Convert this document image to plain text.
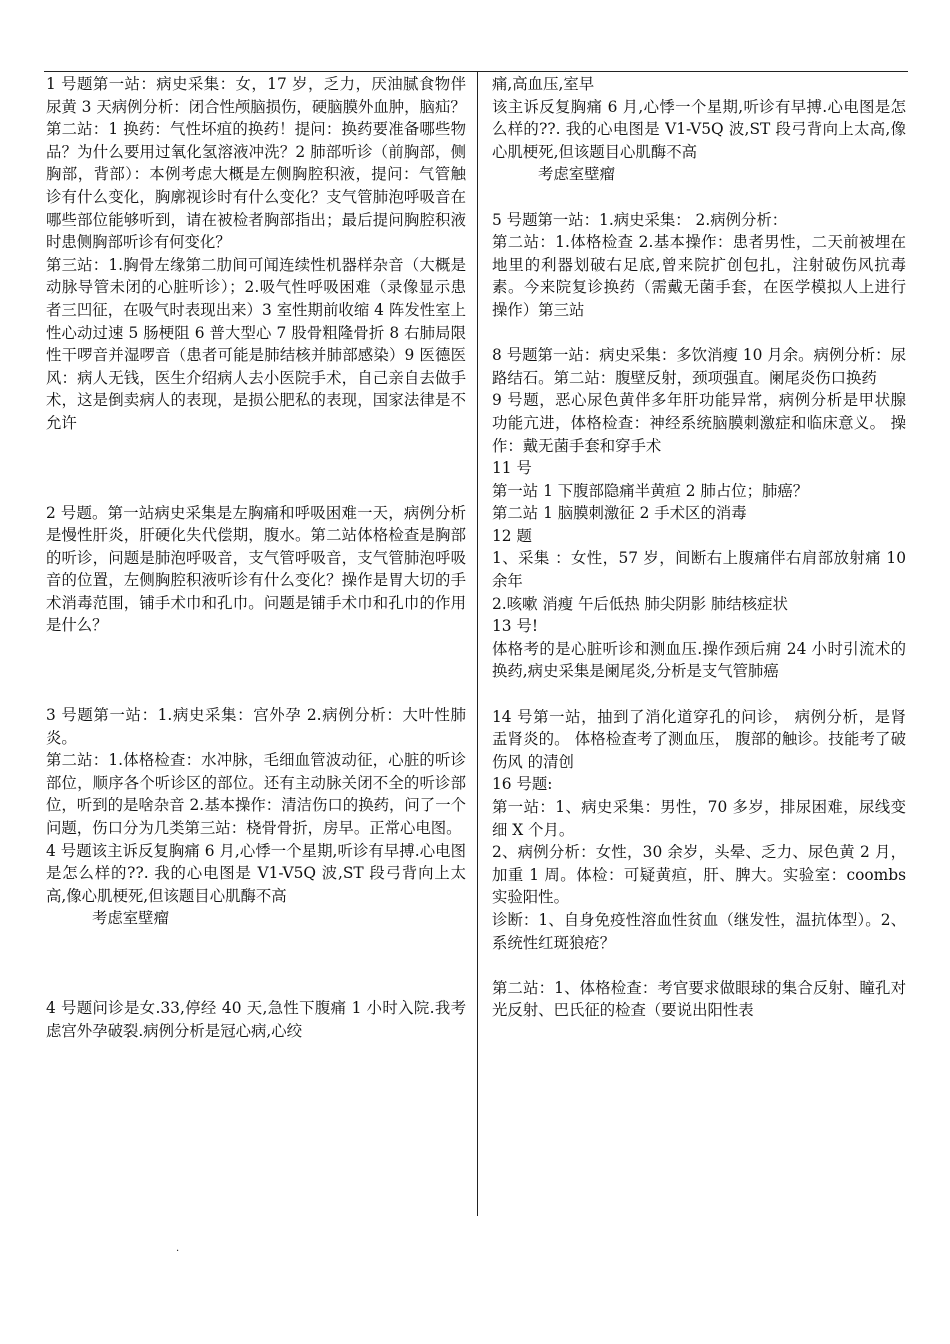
1 号题第一站：病史采集：女，17 岁，乏力，厌油腻食物伴尿黄 3 天病例分析：闭合性颅脑损伤，硬脑膜外血肿，脑疝？

第二站：1 换药：气性坏疽的换药！提问：换药要准备哪些物品？为什么要用过氧化氢溶液冲洗？2 肺部听诊（前胸部，侧胸部，背部）：本例考虑大概是左侧胸腔积液，提问：气管触诊有什么变化，胸廓视诊时有什么变化？支气管肺泡呼吸音在哪些部位能够听到，请在被检者胸部指出；最后提问胸腔积液时患侧胸部听诊有何变化？

第三站：1.胸骨左缘第二肋间可闻连续性机器样杂音（大概是动脉导管未闭的心脏听诊）；2.吸气性呼吸困难（录像显示患者三凹征，在吸气时表现出来）3 室性期前收缩 4 阵发性室上性心动过速 5 肠梗阻 6 普大型心 7 股骨粗隆骨折 8 右肺局限性干啰音并湿啰音（患者可能是肺结核并肺部感染）9 医德医风：病人无钱，医生介绍病人去小医院手术，自己亲自去做手术，这是倒卖病人的表现，是损公肥私的表现，国家法律是不允许

2 号题。第一站病史采集是左胸痛和呼吸困难一天，病例分析是慢性肝炎，肝硬化失代偿期，腹水。第二站体格检查是胸部的听诊，问题是肺泡呼吸音，支气管呼吸音，支气管肺泡呼吸音的位置，左侧胸腔积液听诊有什么变化？操作是胃大切的手术消毒范围，铺手术巾和孔巾。问题是铺手术巾和孔巾的作用是什么？

3 号题第一站：1.病史采集：宫外孕 2.病例分析：大叶性肺炎。

第二站：1.体格检查：水冲脉，毛细血管波动征，心脏的听诊部位，顺序各个听诊区的部位。还有主动脉关闭不全的听诊部位，听到的是啥杂音 2.基本操作：清洁伤口的换药，问了一个问题，伤口分为几类第三站：桡骨骨折，房早。正常心电图。

4 号题该主诉反复胸痛 6 月,心悸一个星期,听诊有早搏.心电图是怎么样的??. 我的心电图是 V1-V5Q 波,ST 段弓背向上太高,像心肌梗死,但该题目心肌酶不高

考虑室壁瘤

4 号题问诊是女.33,停经 40 天,急性下腹痛 1 小时入院.我考虑宫外孕破裂.病例分析是冠心病,心绞

痛,高血压,室早

该主诉反复胸痛 6 月,心悸一个星期,听诊有早搏.心电图是怎么样的??. 我的心电图是 V1-V5Q 波,ST 段弓背向上太高,像心肌梗死,但该题目心肌酶不高

考虑室壁瘤

5 号题第一站：1.病史采集： 2.病例分析：

第二站：1.体格检查 2.基本操作：患者男性，二天前被埋在地里的利器划破右足底,曾来院扩创包扎，注射破伤风抗毒素。今来院复诊换药（需戴无菌手套，在医学模拟人上进行操作）第三站

8 号题第一站：病史采集：多饮消瘦 10 月余。病例分析：尿路结石。第二站：腹壁反射，颈项强直。阑尾炎伤口换药

9 号题，恶心尿色黄伴多年肝功能异常，病例分析是甲状腺功能亢进，体格检查：神经系统脑膜刺激症和临床意义。 操作：戴无菌手套和穿手术

11 号

第一站 1 下腹部隐痛半黄疸 2 肺占位；肺癌？

第二站 1 脑膜刺激征 2 手术区的消毒

12 题

1、采集 ：女性，57 岁，间断右上腹痛伴右肩部放射痛 10 余年

2.咳嗽 消瘦 午后低热 肺尖阴影 肺结核症状

13 号!

体格考的是心脏听诊和测血压.操作颈后痈 24 小时引流术的换药,病史采集是阑尾炎,分析是支气管肺癌

14 号第一站，抽到了消化道穿孔的问诊， 病例分析，是肾盂肾炎的。 体格检查考了测血压， 腹部的触诊。技能考了破伤风 的清创

16 号题:

第一站：1、病史采集：男性，70 多岁，排尿困难，尿线变细 X 个月。

2、病例分析：女性，30 余岁，头晕、乏力、尿色黄 2 月，加重 1 周。体检：可疑黄疸，肝、脾大。实验室：coombs 实验阳性。

诊断：1、自身免疫性溶血性贫血（继发性，温抗体型）。2、系统性红斑狼疮？

第二站：1、体格检查：考官要求做眼球的集合反射、瞳孔对光反射、巴氏征的检查（要说出阳性表

.
